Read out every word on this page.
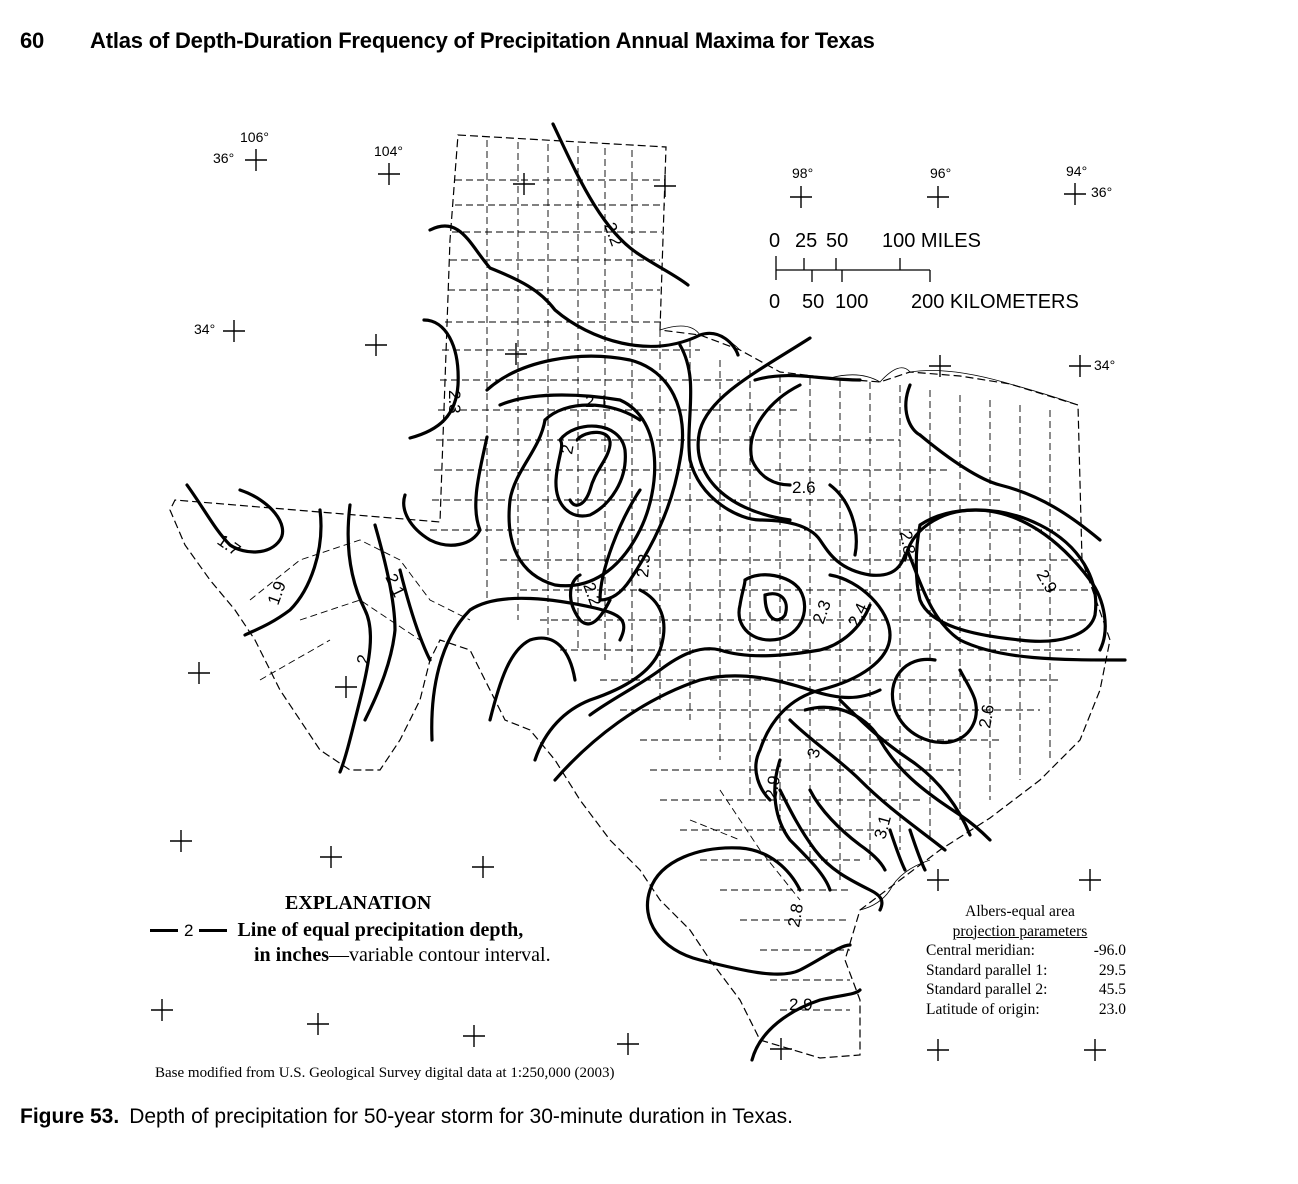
60 Atlas of Depth-Duration Frequency of Precipitation Annual Maxima for Texas
106°
36°	104°
34°
98°	96°	94°
36°
34°
0 25 50 100 MILES
0 50 100 200 KILOMETERS
2.2
2.3	2.1
2
1.7
1.9	2.1
2
2.2
2.3
2.6
2.3 2.4
2.8
2.9
2.6
3
2.9
3.1
2.8
2.9
EXPLANATION
2 Line of equal precipitation depth,
in inches—variable contour interval.
Albers-equal area
projection parameters
Central meridian:	-96.0
Standard parallel 1:	29.5
Standard parallel 2:	45.5
Latitude of origin:	23.0
Base modified from U.S. Geological Survey digital data at 1:250,000 (2003)
Figure 53. Depth of precipitation for 50-year storm for 30-minute duration in Texas.
